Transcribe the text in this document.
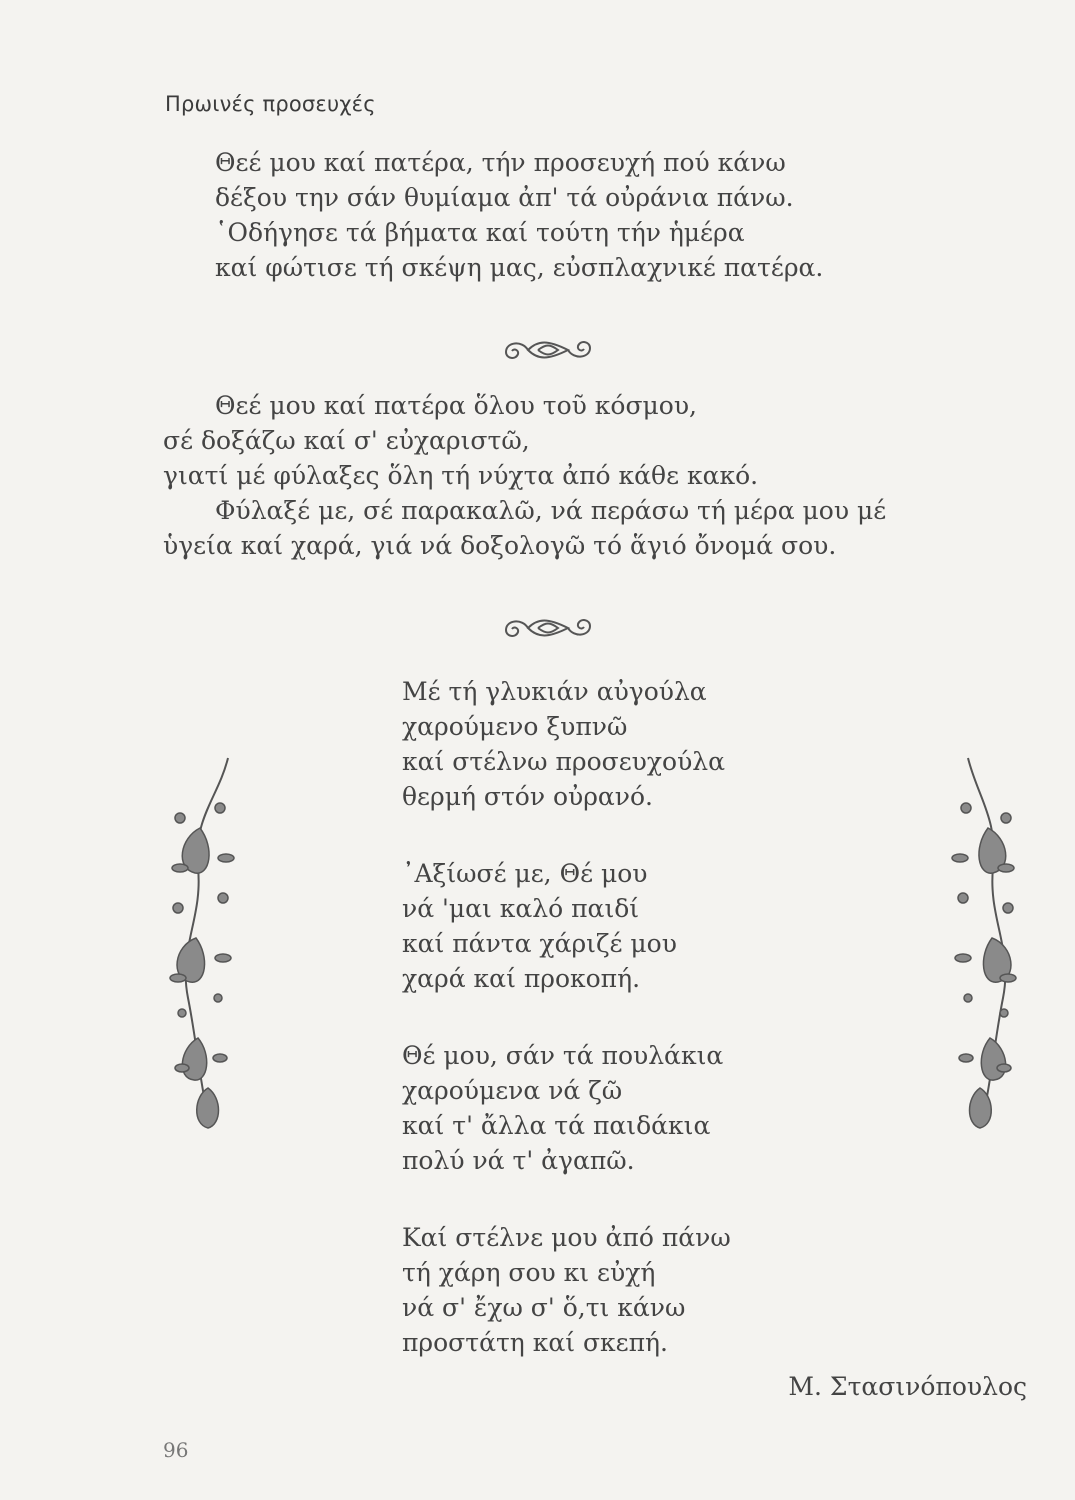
Πρωινές προσευχές
Θεέ μου καί πατέρα, τήν προσευχή πού κάνω
δέξου την σάν θυμίαμα ἀπ' τά οὐράνια πάνω.
῾Οδήγησε τά βήματα καί τούτη τήν ἡμέρα
καί φώτισε τή σκέψη μας, εὐσπλαχνικέ πατέρα.
Θεέ μου καί πατέρα ὅλου τοῦ κόσμου,
σέ δοξάζω καί σ' εὐχαριστῶ,
γιατί μέ φύλαξες ὅλη τή νύχτα ἀπό κάθε κακό.
Φύλαξέ με, σέ παρακαλῶ, νά περάσω τή μέρα μου μέ
ὑγεία καί χαρά, γιά νά δοξολογῶ τό ἅγιό ὄνομά σου.
Μέ τή γλυκιάν αὐγούλα
χαρούμενο ξυπνῶ
καί στέλνω προσευχούλα
θερμή στόν οὐρανό.
᾿Αξίωσέ με, Θέ μου
νά 'μαι καλό παιδί
καί πάντα χάριζέ μου
χαρά καί προκοπή.
Θέ μου, σάν τά πουλάκια
χαρούμενα νά ζῶ
καί τ' ἄλλα τά παιδάκια
πολύ νά τ' ἀγαπῶ.
Καί στέλνε μου ἀπό πάνω
τή χάρη σου κι εὐχή
νά σ' ἔχω σ' ὅ,τι κάνω
προστάτη καί σκεπή.
Μ. Στασινόπουλος
96
